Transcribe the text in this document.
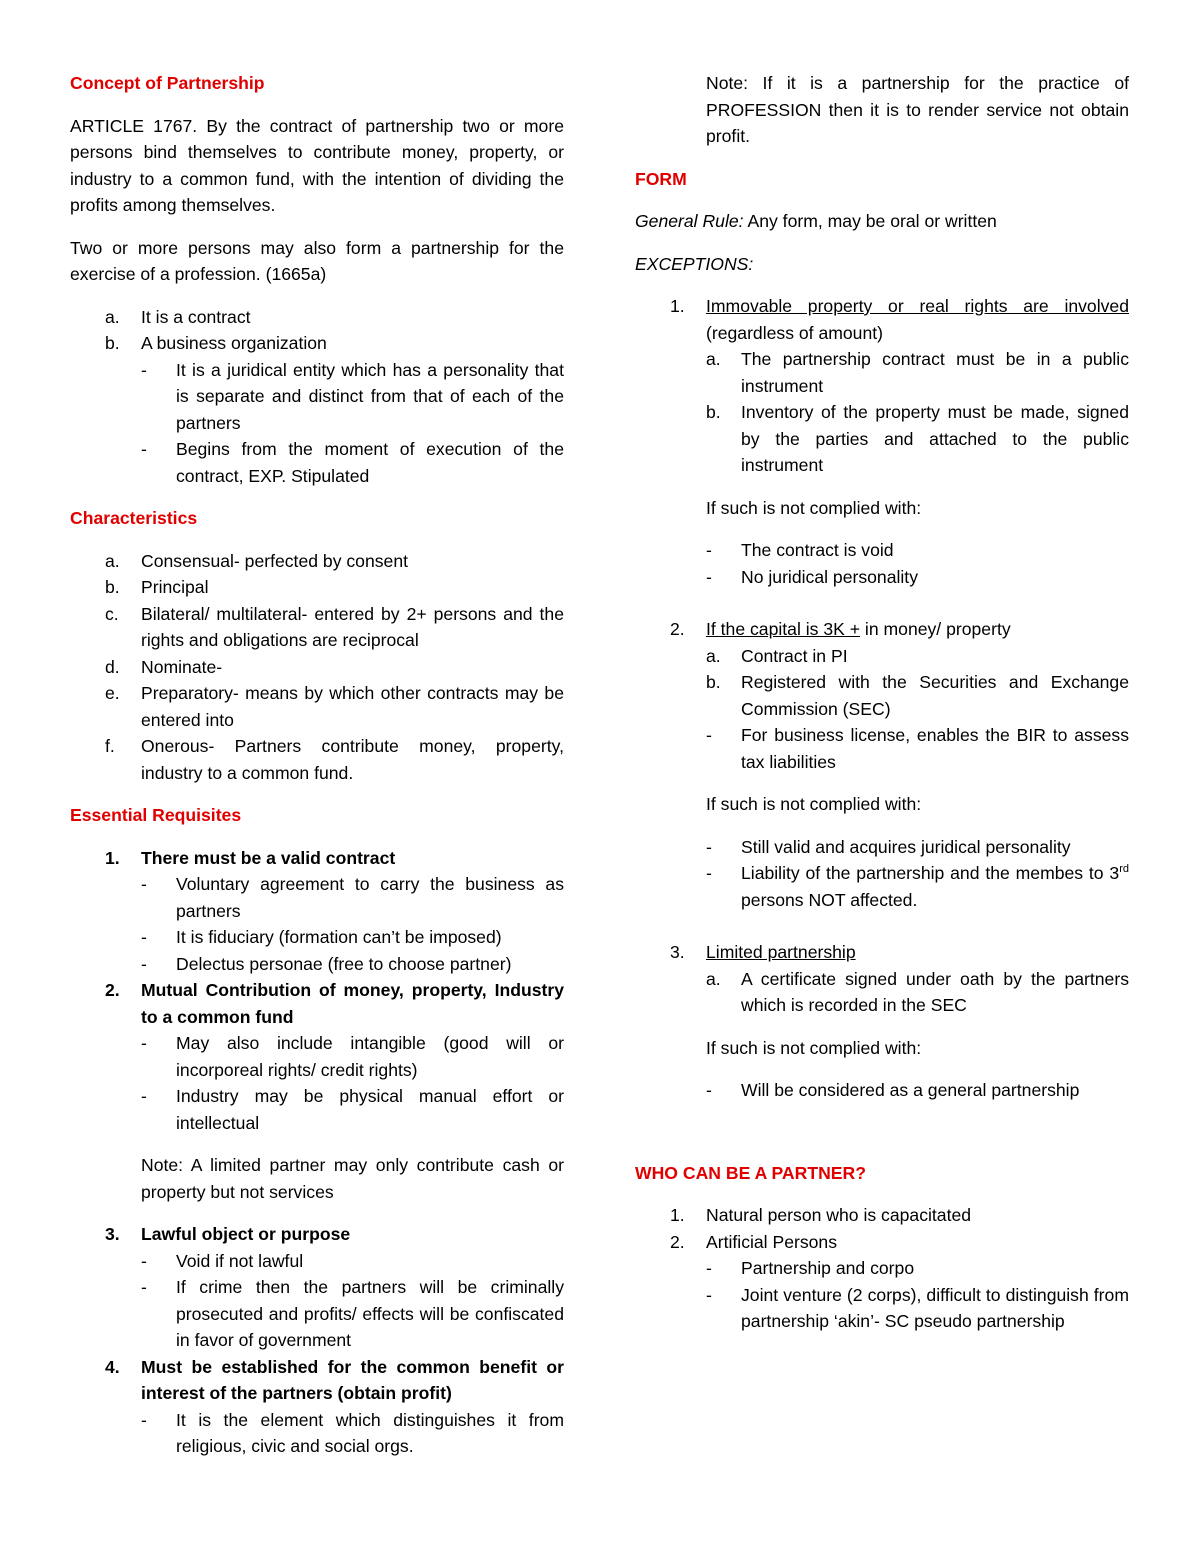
Concept of Partnership

ARTICLE 1767. By the contract of partnership two or more persons bind themselves to contribute money, property, or industry to a common fund, with the intention of dividing the profits among themselves.

Two or more persons may also form a partnership for the exercise of a profession. (1665a)

a. It is a contract
b. A business organization
- It is a juridical entity which has a personality that is separate and distinct from that of each of the partners
- Begins from the moment of execution of the contract, EXP. Stipulated
Characteristics
a. Consensual- perfected by consent
b. Principal
c. Bilateral/ multilateral- entered by 2+ persons and the rights and obligations are reciprocal
d. Nominate-
e. Preparatory- means by which other contracts may be entered into
f. Onerous- Partners contribute money, property, industry to a common fund.
Essential Requisites
1. There must be a valid contract
- Voluntary agreement to carry the business as partners
- It is fiduciary (formation can’t be imposed)
- Delectus personae (free to choose partner)
2. Mutual Contribution of money, property, Industry to a common fund
- May also include intangible (good will or incorporeal rights/ credit rights)
- Industry may be physical manual effort or intellectual
Note: A limited partner may only contribute cash or property but not services
3. Lawful object or purpose
- Void if not lawful
- If crime then the partners will be criminally prosecuted and profits/ effects will be confiscated in favor of government
4. Must be established for the common benefit or interest of the partners (obtain profit)
- It is the element which distinguishes it from religious, civic and social orgs.

Note: If it is a partnership for the practice of PROFESSION then it is to render service not obtain profit.

FORM

General Rule: Any form, may be oral or written

EXCEPTIONS:

1. Immovable property or real rights are involved (regardless of amount)
a. The partnership contract must be in a public instrument
b. Inventory of the property must be made, signed by the parties and attached to the public instrument
If such is not complied with:
- The contract is void
- No juridical personality
2. If the capital is 3K + in money/ property
a. Contract in PI
b. Registered with the Securities and Exchange Commission (SEC)
- For business license, enables the BIR to assess tax liabilities
If such is not complied with:
- Still valid and acquires juridical personality
- Liability of the partnership and the membes to 3rd persons NOT affected.
3. Limited partnership
a. A certificate signed under oath by the partners which is recorded in the SEC
If such is not complied with:
- Will be considered as a general partnership
WHO CAN BE A PARTNER?
1. Natural person who is capacitated
2. Artificial Persons
- Partnership and corpo
- Joint venture (2 corps), difficult to distinguish from partnership ‘akin’- SC pseudo partnership
